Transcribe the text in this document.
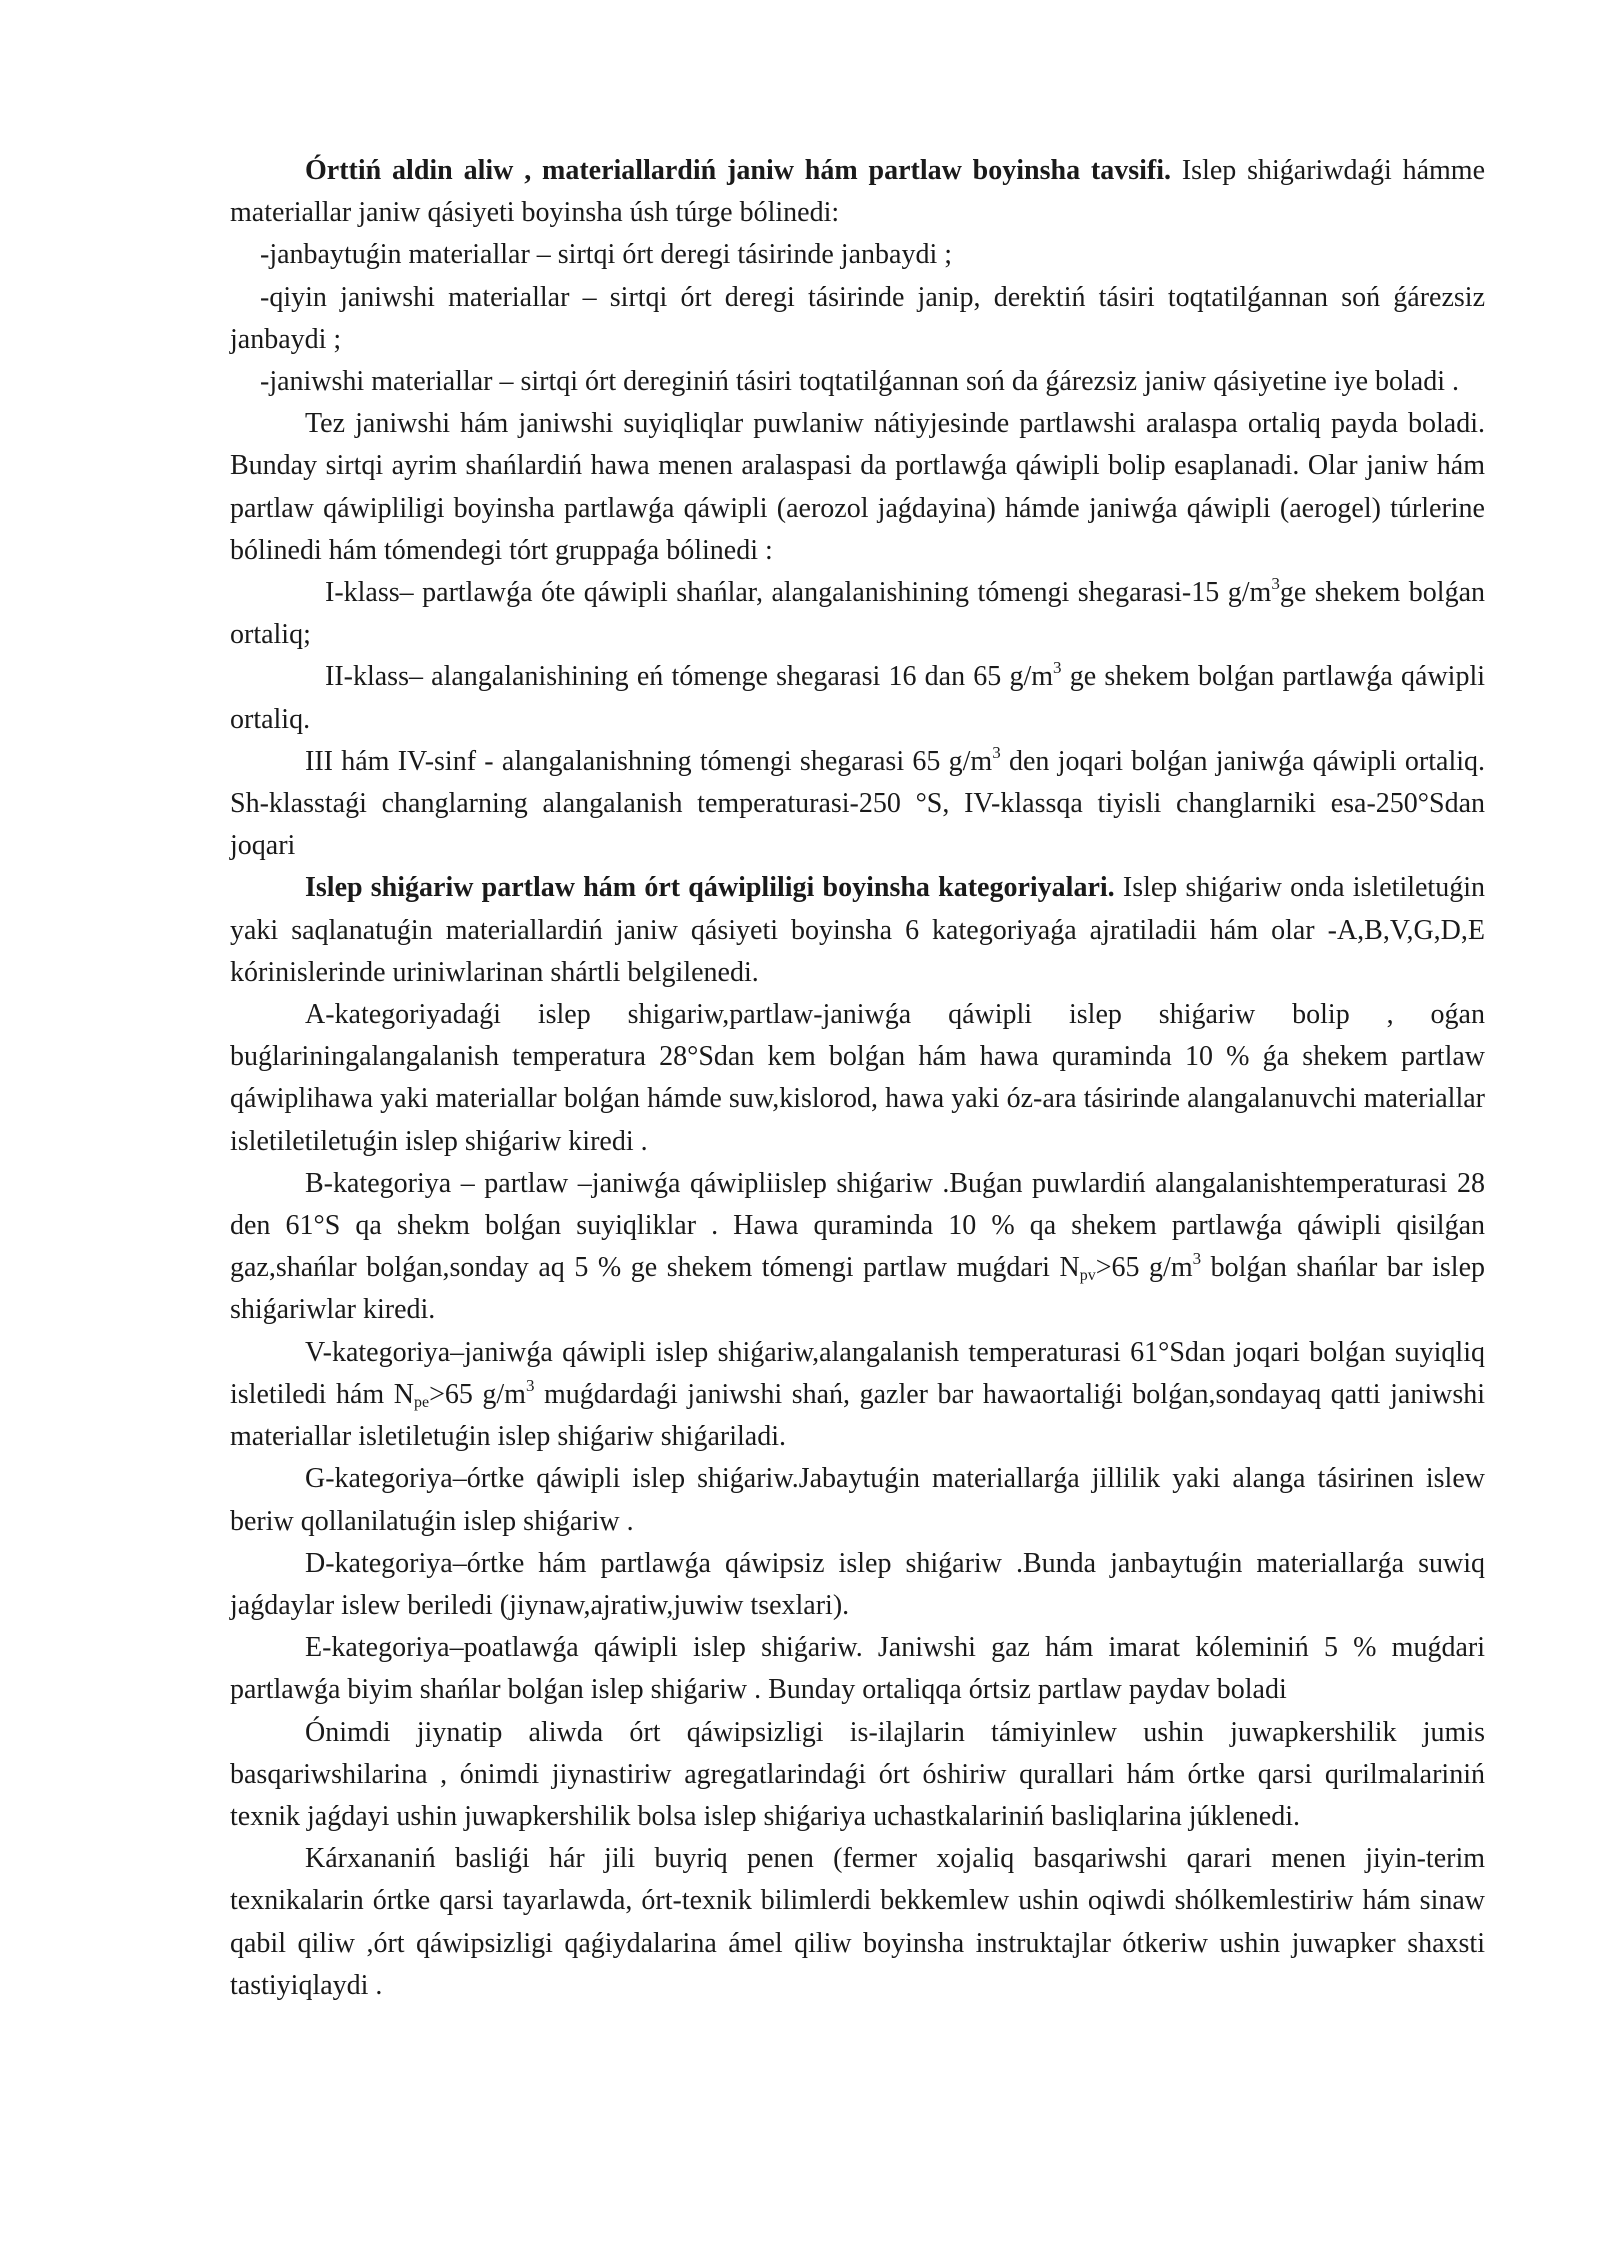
Órttiń aldin aliw , materiallardiń janiw hám partlaw boyinsha tavsifi. Islep shiǵariwdaǵi hámme materiallar janiw qásiyeti boyinsha úsh túrge bólinedi:

-janbaytuǵin materiallar – sirtqi órt deregi tásirinde janbaydi ;

-qiyin janiwshi materiallar – sirtqi órt deregi tásirinde janip, derektiń tásiri toqtatilǵannan soń ǵárezsiz janbaydi ;

-janiwshi materiallar – sirtqi órt dereginiń tásiri toqtatilǵannan soń da ǵárezsiz janiw qásiyetine iye boladi .

Tez janiwshi hám janiwshi suyiqliqlar puwlaniw nátiyjesinde partlawshi aralaspa ortaliq payda boladi. Bunday sirtqi ayrim shańlardiń hawa menen aralaspasi da portlawǵa qáwipli bolip esaplanadi. Olar janiw hám partlaw qáwipliligi boyinsha partlawǵa qáwipli (aerozol jaǵdayina) hámde janiwǵa qáwipli (aerogel) túrlerine bólinedi hám tómendegi tórt gruppaǵa bólinedi :

I-klass– partlawǵa óte qáwipli shańlar, alangalanishining tómengi shegarasi-15 $g/m^3ge$ shekem bolǵan ortaliq;

II-klass– alangalanishining eń tómenge shegarasi 16 dan 65 $g/m^3$ ge shekem bolǵan partlawǵa qáwipli ortaliq.

III hám IV-sinf - alangalanishning tómengi shegarasi 65 $g/m^3$ den joqari bolǵan janiwǵa qáwipli ortaliq. Sh-klasstaǵi changlarning alangalanish temperaturasi-250 °S, IV-klassqa tiyisli changlarniki esa-250°Sdan joqari

Islep shiǵariw partlaw hám órt qáwipliligi boyinsha kategoriyalari. Islep shiǵariw onda isletiletuǵin yaki saqlanatuǵin materiallardiń janiw qásiyeti boyinsha 6 kategoriyaǵa ajratiladii hám olar -A,B,V,G,D,E kórinislerinde uriniwlarinan shártli belgilenedi.

A-kategoriyadaǵi islep shigariw,partlaw-janiwǵa qáwipli islep shiǵariw bolip , oǵan buǵlariningalangalanish temperatura 28°Sdan kem bolǵan hám hawa quraminda 10 % ǵa shekem partlaw qáwiplihawa yaki materiallar bolǵan hámde suw,kislorod, hawa yaki óz-ara tásirinde alangalanuvchi materiallar isletiletiletuǵin islep shiǵariw kiredi .

B-kategoriya – partlaw –janiwǵa qáwipliislep shiǵariw .Buǵan puwlardiń alangalanishtemperaturasi 28 den 61°S qa shekm bolǵan suyiqliklar . Hawa quraminda 10 % qa shekem partlawǵa qáwipli qisilǵan gaz,shańlar bolǵan,sonday aq 5 % ge shekem tómengi partlaw muǵdari $N_{pv}>65$ $g/m^3$ bolǵan shańlar bar islep shiǵariwlar kiredi.

V-kategoriya–janiwǵa qáwipli islep shiǵariw,alangalanish temperaturasi 61°Sdan joqari bolǵan suyiqliq isletiledi hám $N_{pe}>65$ $g/m^3$ muǵdardaǵi janiwshi shań, gazler bar hawaortaliǵi bolǵan,sondayaq qatti janiwshi materiallar isletiletuǵin islep shiǵariw shiǵariladi.

G-kategoriya–órtke qáwipli islep shiǵariw.Jabaytuǵin materiallarǵa jillilik yaki alanga tásirinen islew beriw qollanilatuǵin islep shiǵariw .

D-kategoriya–órtke hám partlawǵa qáwipsiz islep shiǵariw .Bunda janbaytuǵin materiallarǵa suwiq jaǵdaylar islew beriledi (jiynaw,ajratiw,juwiw tsexlari).

E-kategoriya–poatlawǵa qáwipli islep shiǵariw. Janiwshi gaz hám imarat kóleminiń 5 % muǵdari partlawǵa biyim shańlar bolǵan islep shiǵariw . Bunday ortaliqqa órtsiz partlaw paydav boladi

Ónimdi jiynatip aliwda órt qáwipsizligi is-ilajlarin támiyinlew ushin juwapkershilik jumis basqariwshilarina , ónimdi jiynastiriw agregatlarindaǵi órt óshiriw qurallari hám órtke qarsi qurilmalariniń texnik jaǵdayi ushin juwapkershilik bolsa islep shiǵariya uchastkalariniń basliqlarina júklenedi.

Kárxananiń basliǵi hár jili buyriq penen (fermer xojaliq basqariwshi qarari menen jiyin-terim texnikalarin órtke qarsi tayarlawda, órt-texnik bilimlerdi bekkemlew ushin oqiwdi shólkemlestiriw hám sinaw qabil qiliw ,órt qáwipsizligi qaǵiydalarina ámel qiliw boyinsha instruktajlar ótkeriw ushin juwapker shaxsti tastiyiqlaydi .
